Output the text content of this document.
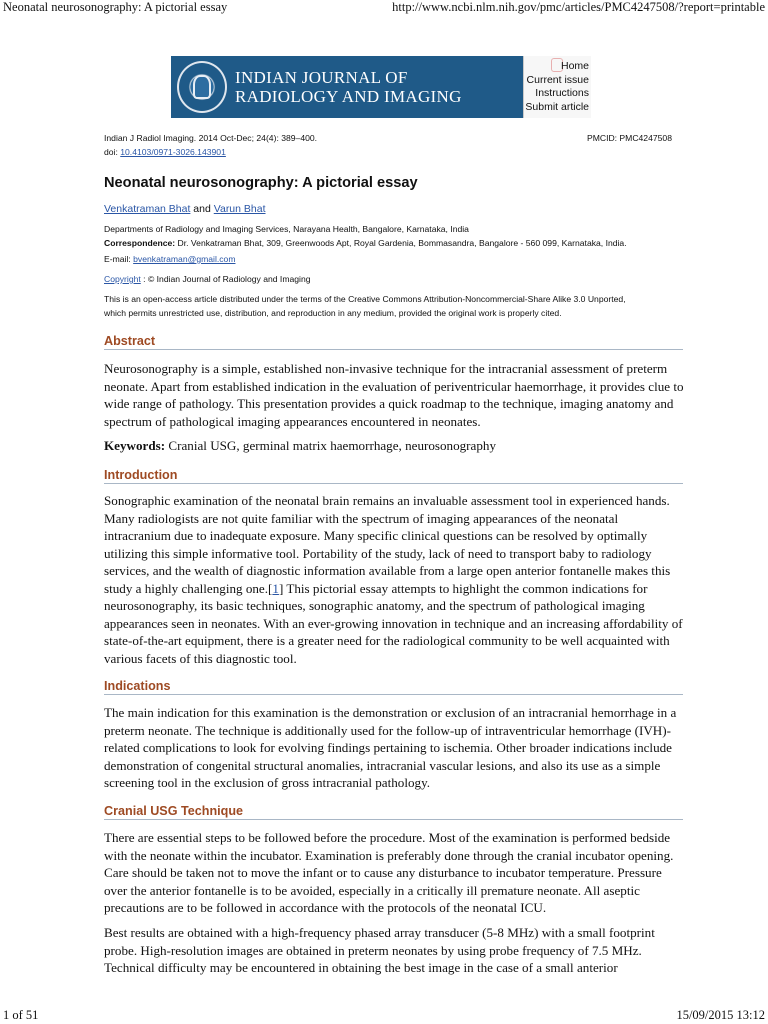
Neonatal neurosonography: A pictorial essay	http://www.ncbi.nlm.nih.gov/pmc/articles/PMC4247508/?report=printable
INDIAN JOURNAL OF
RADIOLOGY AND IMAGING
Home
Current issue
Instructions
Submit article
Indian J Radiol Imaging. 2014 Oct-Dec; 24(4): 389–400.	PMCID: PMC4247508
doi: 10.4103/0971-3026.143901
Neonatal neurosonography: A pictorial essay
Venkatraman Bhat and Varun Bhat
Departments of Radiology and Imaging Services, Narayana Health, Bangalore, Karnataka, India
Correspondence: Dr. Venkatraman Bhat, 309, Greenwoods Apt, Royal Gardenia, Bommasandra, Bangalore - 560 099, Karnataka, India.
E-mail: bvenkatraman@gmail.com
Copyright : © Indian Journal of Radiology and Imaging
This is an open-access article distributed under the terms of the Creative Commons Attribution-Noncommercial-Share Alike 3.0 Unported,
which permits unrestricted use, distribution, and reproduction in any medium, provided the original work is properly cited.
Abstract

Neurosonography is a simple, established non-invasive technique for the intracranial assessment of preterm neonate. Apart from established indication in the evaluation of periventricular haemorrhage, it provides clue to wide range of pathology. This presentation provides a quick roadmap to the technique, imaging anatomy and spectrum of pathological imaging appearances encountered in neonates.

Keywords: Cranial USG, germinal matrix haemorrhage, neurosonography

Introduction

Sonographic examination of the neonatal brain remains an invaluable assessment tool in experienced hands. Many radiologists are not quite familiar with the spectrum of imaging appearances of the neonatal intracranium due to inadequate exposure. Many specific clinical questions can be resolved by optimally utilizing this simple informative tool. Portability of the study, lack of need to transport baby to radiology services, and the wealth of diagnostic information available from a large open anterior fontanelle makes this study a highly challenging one.[1] This pictorial essay attempts to highlight the common indications for neurosonography, its basic techniques, sonographic anatomy, and the spectrum of pathological imaging appearances seen in neonates. With an ever-growing innovation in technique and an increasing affordability of state-of-the-art equipment, there is a greater need for the radiological community to be well acquainted with various facets of this diagnostic tool.

Indications

The main indication for this examination is the demonstration or exclusion of an intracranial hemorrhage in a preterm neonate. The technique is additionally used for the follow-up of intraventricular hemorrhage (IVH)-related complications to look for evolving findings pertaining to ischemia. Other broader indications include demonstration of congenital structural anomalies, intracranial vascular lesions, and also its use as a simple screening tool in the exclusion of gross intracranial pathology.

Cranial USG Technique

There are essential steps to be followed before the procedure. Most of the examination is performed bedside with the neonate within the incubator. Examination is preferably done through the cranial incubator opening. Care should be taken not to move the infant or to cause any disturbance to incubator temperature. Pressure over the anterior fontanelle is to be avoided, especially in a critically ill premature neonate. All aseptic precautions are to be followed in accordance with the protocols of the neonatal ICU.

Best results are obtained with a high-frequency phased array transducer (5-8 MHz) with a small footprint probe. High-resolution images are obtained in preterm neonates by using probe frequency of 7.5 MHz. Technical difficulty may be encountered in obtaining the best image in the case of a small anterior

1 of 51	15/09/2015 13:12
